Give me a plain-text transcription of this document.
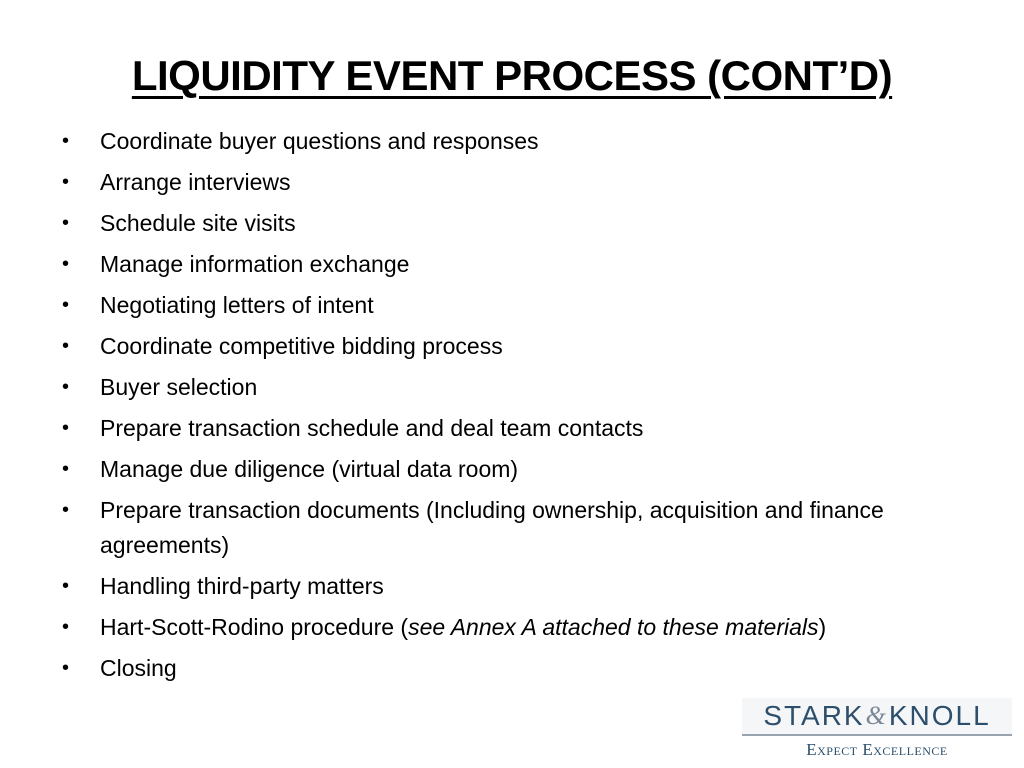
LIQUIDITY EVENT PROCESS (CONT’D)
• Coordinate buyer questions and responses
• Arrange interviews
• Schedule site visits
• Manage information exchange
• Negotiating letters of intent
• Coordinate competitive bidding process
• Buyer selection
• Prepare transaction schedule and deal team contacts
• Manage due diligence (virtual data room)
• Prepare transaction documents (Including ownership, acquisition and finance agreements)
• Handling third-party matters
• Hart-Scott-Rodino procedure (see Annex A attached to these materials)
• Closing
STARK & KNOLL
Expect Excellence
